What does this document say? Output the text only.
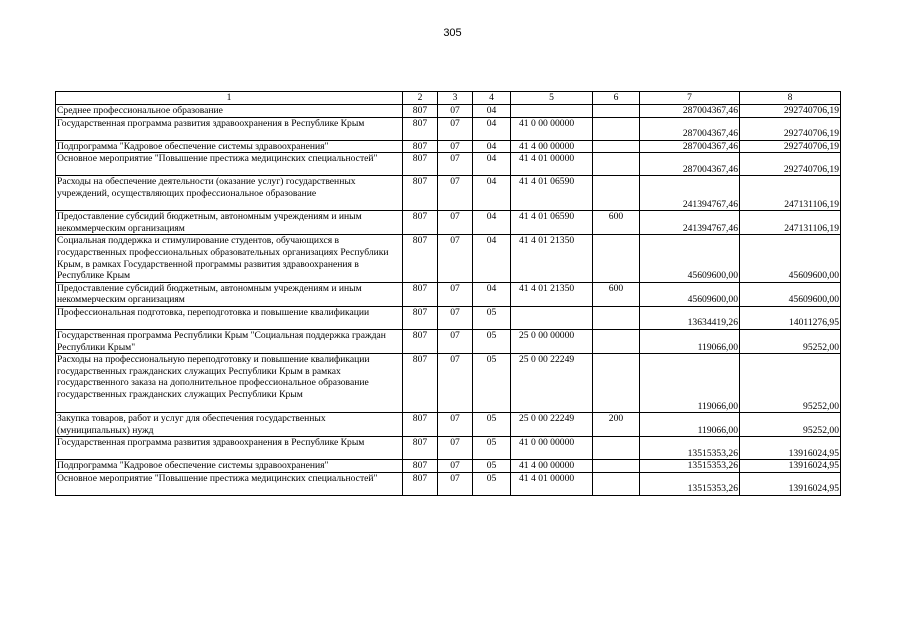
305
1	2	3	4	5	6	7	8
Среднее профессиональное образование	807	07	04			287004367,46	292740706,19
Государственная программа развития здравоохранения в Республике Крым	807	07	04	41 0 00 00000		287004367,46	292740706,19
Подпрограмма "Кадровое обеспечение системы здравоохранения"	807	07	04	41 4 00 00000		287004367,46	292740706,19
Основное мероприятие "Повышение престижа медицинских специальностей"	807	07	04	41 4 01 00000		287004367,46	292740706,19
Расходы на обеспечение деятельности (оказание услуг) государственных учреждений, осуществляющих профессиональное образование	807	07	04	41 4 01 06590		241394767,46	247131106,19
Предоставление субсидий бюджетным, автономным учреждениям и иным некоммерческим организациям	807	07	04	41 4 01 06590	600	241394767,46	247131106,19
Социальная поддержка и стимулирование студентов, обучающихся в государственных профессиональных образовательных организациях Республики Крым, в рамках Государственной программы развития здравоохранения в Республике Крым	807	07	04	41 4 01 21350		45609600,00	45609600,00
Предоставление субсидий бюджетным, автономным учреждениям и иным некоммерческим организациям	807	07	04	41 4 01 21350	600	45609600,00	45609600,00
Профессиональная подготовка, переподготовка и повышение квалификации	807	07	05			13634419,26	14011276,95
Государственная программа Республики Крым "Социальная поддержка граждан Республики Крым"	807	07	05	25 0 00 00000		119066,00	95252,00
Расходы на профессиональную переподготовку и повышение квалификации государственных гражданских служащих Республики Крым в рамках государственного заказа на дополнительное профессиональное образование государственных гражданских служащих Республики Крым	807	07	05	25 0 00 22249		119066,00	95252,00
Закупка товаров, работ и услуг для обеспечения государственных (муниципальных) нужд	807	07	05	25 0 00 22249	200	119066,00	95252,00
Государственная программа развития здравоохранения в Республике Крым	807	07	05	41 0 00 00000		13515353,26	13916024,95
Подпрограмма "Кадровое обеспечение системы здравоохранения"	807	07	05	41 4 00 00000		13515353,26	13916024,95
Основное мероприятие "Повышение престижа медицинских специальностей"	807	07	05	41 4 01 00000		13515353,26	13916024,95
